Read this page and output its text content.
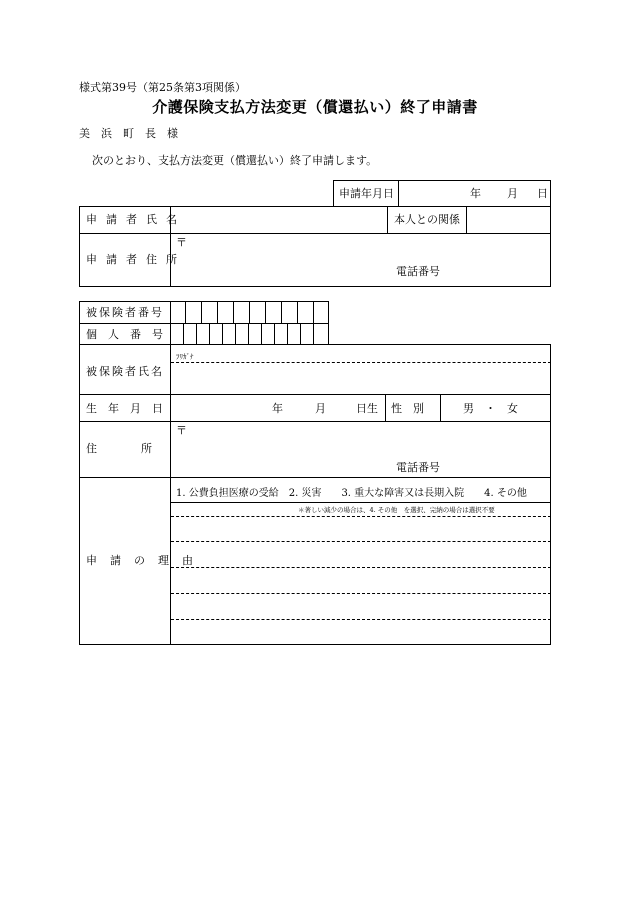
様式第39号（第25条第3項関係）
介護保険支払方法変更（償還払い）終了申請書
美　浜　町　長　様
次のとおり、支払方法変更（償還払い）終了申請します。
申請年月日	年 月 日
申請者氏名	本人との関係
申請者住所
〒
電話番号
被保険者番号
個　人　番　号
ﾌﾘｶﾞﾅ
被保険者氏名
生　年　月　日	年	月	日生 性　別	男　・　女
住　　　　所
〒
電話番号
申　請　の　理　由
1. 公費負担医療の受給　2. 災害　　3. 重大な障害又は長期入院　　4. その他
＊著しい減少の場合は、4. その他　を選択、完納の場合は選択不要
